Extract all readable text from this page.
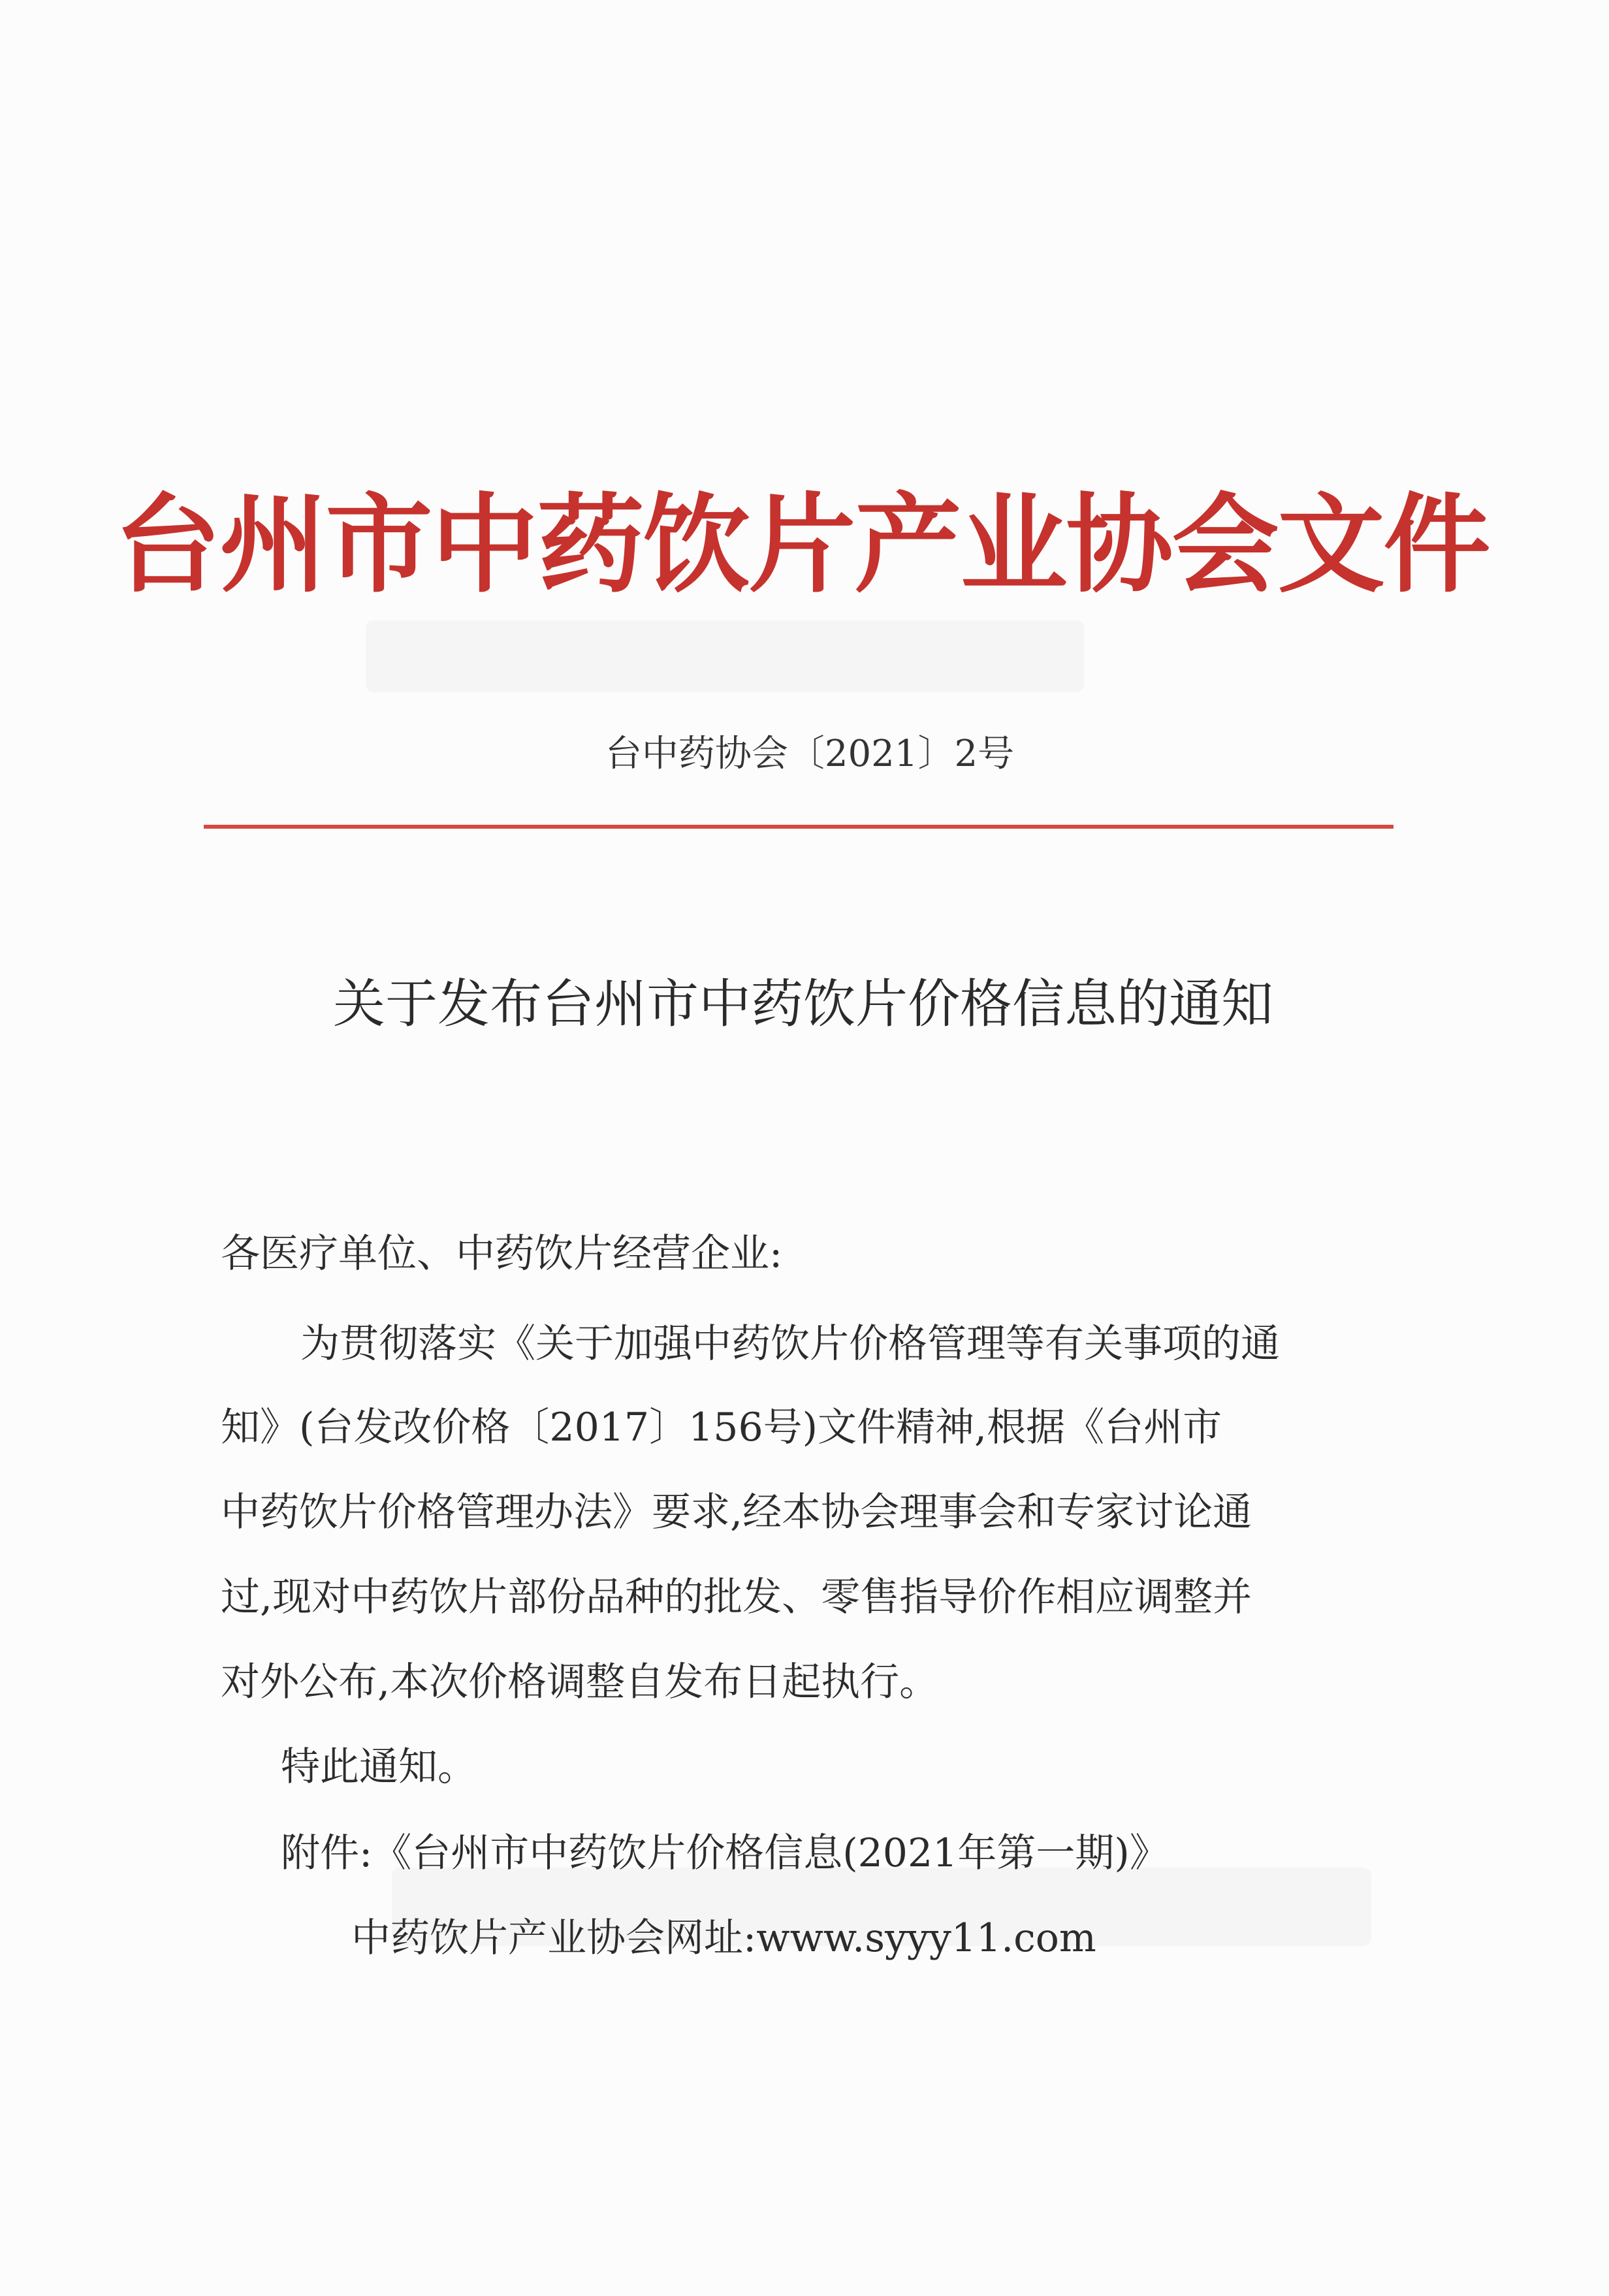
台州市中药饮片产业协会文件
台中药协会〔2021〕2号
关于发布台州市中药饮片价格信息的通知
各医疗单位、中药饮片经营企业:
为贯彻落实《关于加强中药饮片价格管理等有关事项的通
知》(台发改价格〔2017〕156号)文件精神,根据《台州市
中药饮片价格管理办法》要求,经本协会理事会和专家讨论通
过,现对中药饮片部份品种的批发、零售指导价作相应调整并
对外公布,本次价格调整自发布日起执行。
特此通知。
附件:《台州市中药饮片价格信息(2021年第一期)》
中药饮片产业协会网址:www.syyy11.com
